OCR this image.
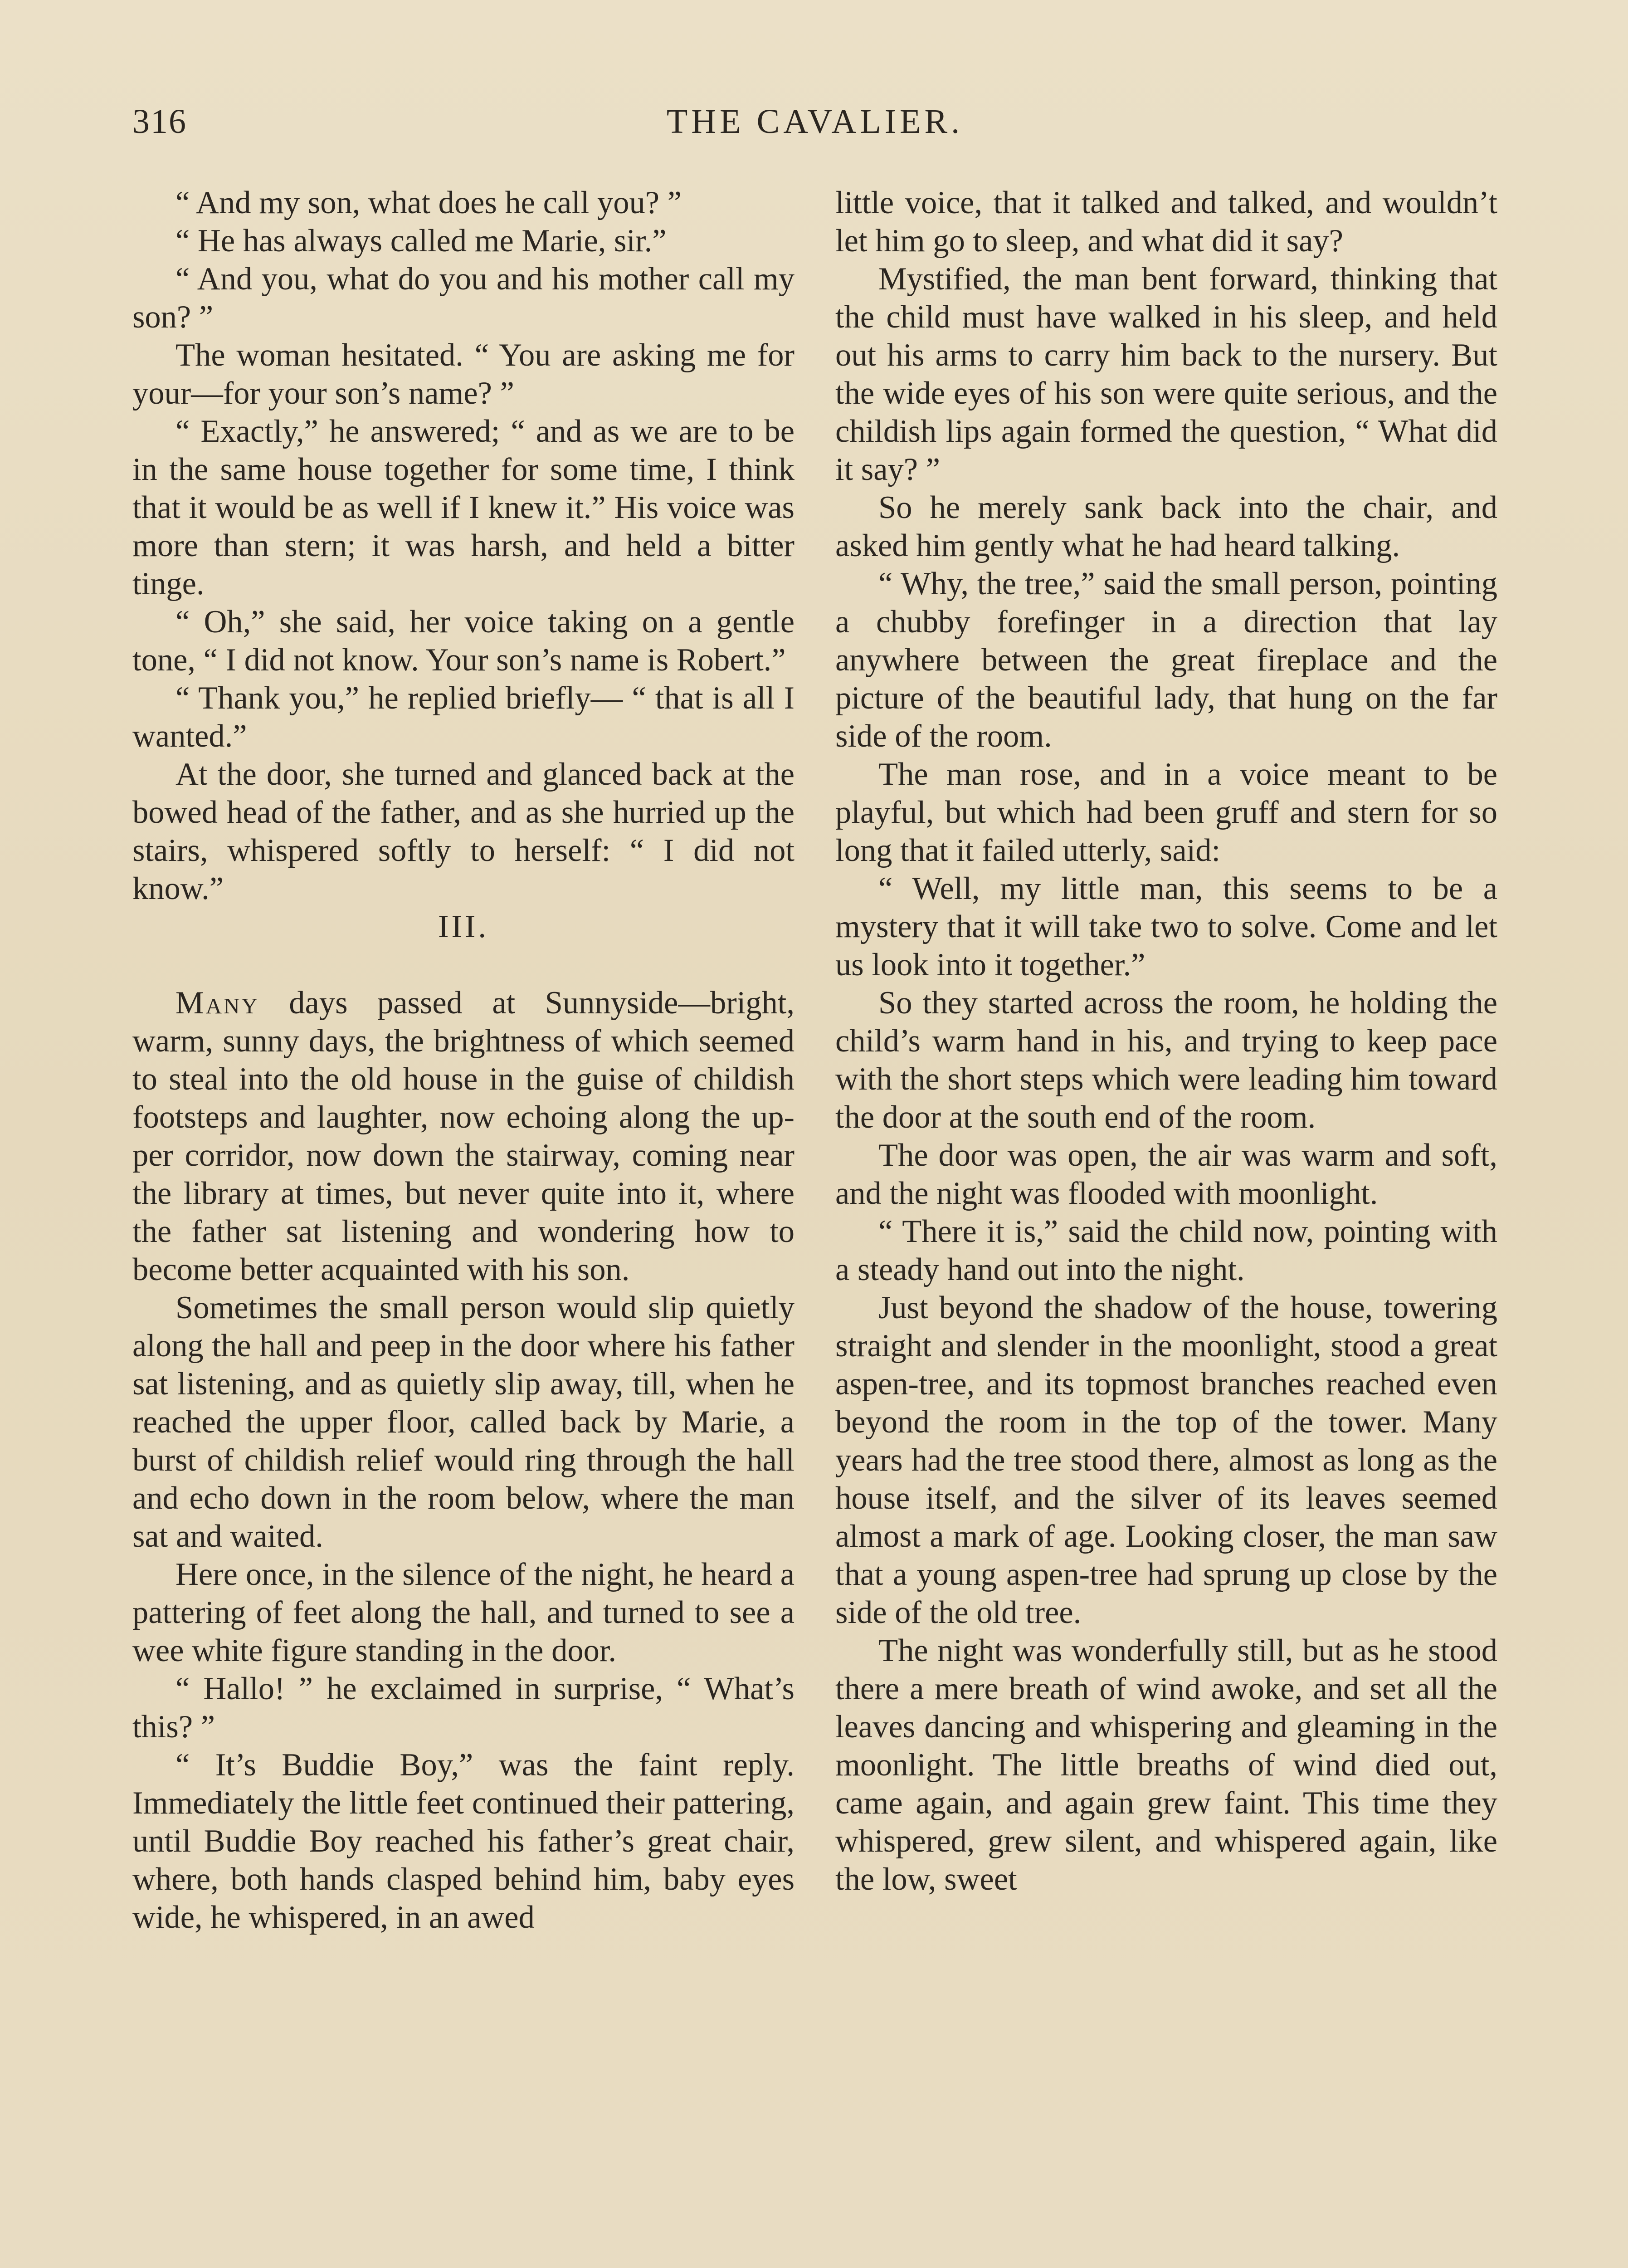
316	THE CAVALIER.

“ And my son, what does he call you? ”

“ He has always called me Marie, sir.”

“ And you, what do you and his mother call my son? ”

The woman hesitated. “ You are asking me for your—for your son’s name? ”

“ Exactly,” he answered; “ and as we are to be in the same house together for some time, I think that it would be as well if I knew it.” His voice was more than stern; it was harsh, and held a bitter tinge.

“ Oh,” she said, her voice taking on a gentle tone, “ I did not know. Your son’s name is Robert.”

“ Thank you,” he replied briefly— “ that is all I wanted.”

At the door, she turned and glanced back at the bowed head of the father, and as she hurried up the stairs, whispered softly to herself: “ I did not know.”

III.

Many days passed at Sunnyside—bright, warm, sunny days, the brightness of which seemed to steal into the old house in the guise of childish footsteps and laughter, now echoing along the upper corridor, now down the stairway, coming near the library at times, but never quite into it, where the father sat listening and wondering how to become better acquainted with his son.

Sometimes the small person would slip quietly along the hall and peep in the door where his father sat listening, and as quietly slip away, till, when he reached the upper floor, called back by Marie, a burst of childish relief would ring through the hall and echo down in the room below, where the man sat and waited.

Here once, in the silence of the night, he heard a pattering of feet along the hall, and turned to see a wee white figure standing in the door.

“ Hallo! ” he exclaimed in surprise, “ What’s this? ”

“ It’s Buddie Boy,” was the faint reply. Immediately the little feet continued their pattering, until Buddie Boy reached his father’s great chair, where, both hands clasped behind him, baby eyes wide, he whispered, in an awed

little voice, that it talked and talked, and wouldn’t let him go to sleep, and what did it say?

Mystified, the man bent forward, thinking that the child must have walked in his sleep, and held out his arms to carry him back to the nursery. But the wide eyes of his son were quite serious, and the childish lips again formed the question, “ What did it say? ”

So he merely sank back into the chair, and asked him gently what he had heard talking.

“ Why, the tree,” said the small person, pointing a chubby forefinger in a direction that lay anywhere between the great fireplace and the picture of the beautiful lady, that hung on the far side of the room.

The man rose, and in a voice meant to be playful, but which had been gruff and stern for so long that it failed utterly, said:

“ Well, my little man, this seems to be a mystery that it will take two to solve. Come and let us look into it together.”

So they started across the room, he holding the child’s warm hand in his, and trying to keep pace with the short steps which were leading him toward the door at the south end of the room.

The door was open, the air was warm and soft, and the night was flooded with moonlight.

“ There it is,” said the child now, pointing with a steady hand out into the night.

Just beyond the shadow of the house, towering straight and slender in the moonlight, stood a great aspen-tree, and its topmost branches reached even beyond the room in the top of the tower. Many years had the tree stood there, almost as long as the house itself, and the silver of its leaves seemed almost a mark of age. Looking closer, the man saw that a young aspen-tree had sprung up close by the side of the old tree.

The night was wonderfully still, but as he stood there a mere breath of wind awoke, and set all the leaves dancing and whispering and gleaming in the moonlight. The little breaths of wind died out, came again, and again grew faint. This time they whispered, grew silent, and whispered again, like the low, sweet
